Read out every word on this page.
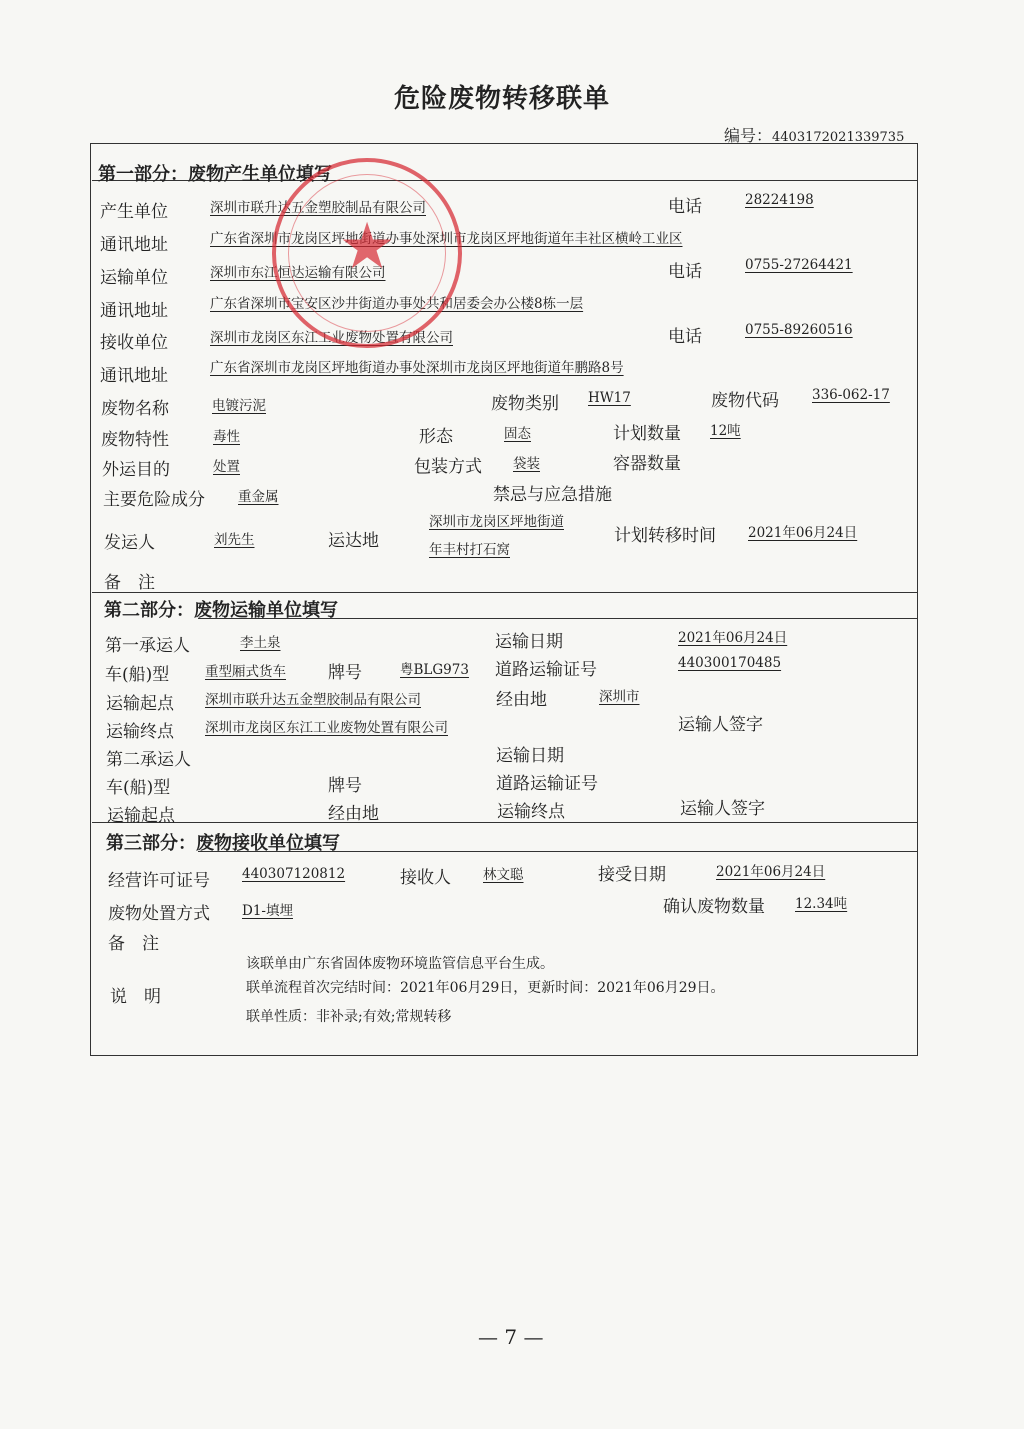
危险废物转移联单
编号：4403172021339735
第一部分：废物产生单位填写
产生单位	深圳市联升达五金塑胶制品有限公司	电话	28224198
通讯地址	广东省深圳市龙岗区坪地街道办事处深圳市龙岗区坪地街道年丰社区横岭工业区
运输单位	深圳市东江恒达运输有限公司	电话	0755-27264421
通讯地址	广东省深圳市宝安区沙井街道办事处共和居委会办公楼8栋一层
接收单位	深圳市龙岗区东江工业废物处置有限公司	电话	0755-89260516
通讯地址	广东省深圳市龙岗区坪地街道办事处深圳市龙岗区坪地街道年鹏路8号
废物名称	电镀污泥	废物类别 HW17	废物代码 336-062-17
废物特性	毒性	形态	固态	计划数量 12吨
外运目的	处置	包装方式 袋装	容器数量
主要危险成分 重金属	禁忌与应急措施
发运人	刘先生	运达地
深圳市龙岗区坪地街道
年丰村打石窝
计划转移时间 2021年06月24日
备　注
第二部分：废物运输单位填写
第一承运人	李土泉	运输日期	2021年06月24日
车(船)型	重型厢式货车 牌号	粤BLG973 道路运输证号	440300170485
运输起点 深圳市联升达五金塑胶制品有限公司	经由地	深圳市
运输终点 深圳市龙岗区东江工业废物处置有限公司	运输人签字
第二承运人	运输日期
车(船)型	牌号	道路运输证号
运输起点	经由地	运输终点	运输人签字
第三部分：废物接收单位填写
经营许可证号 440307120812	接收人 林文聪	接受日期	2021年06月24日
废物处置方式 D1-填埋	确认废物数量 12.34吨
备　注
该联单由广东省固体废物环境监管信息平台生成。
说　明	联单流程首次完结时间：2021年06月29日，更新时间：2021年06月29日。
联单性质：非补录;有效;常规转移
★
— 7 —
